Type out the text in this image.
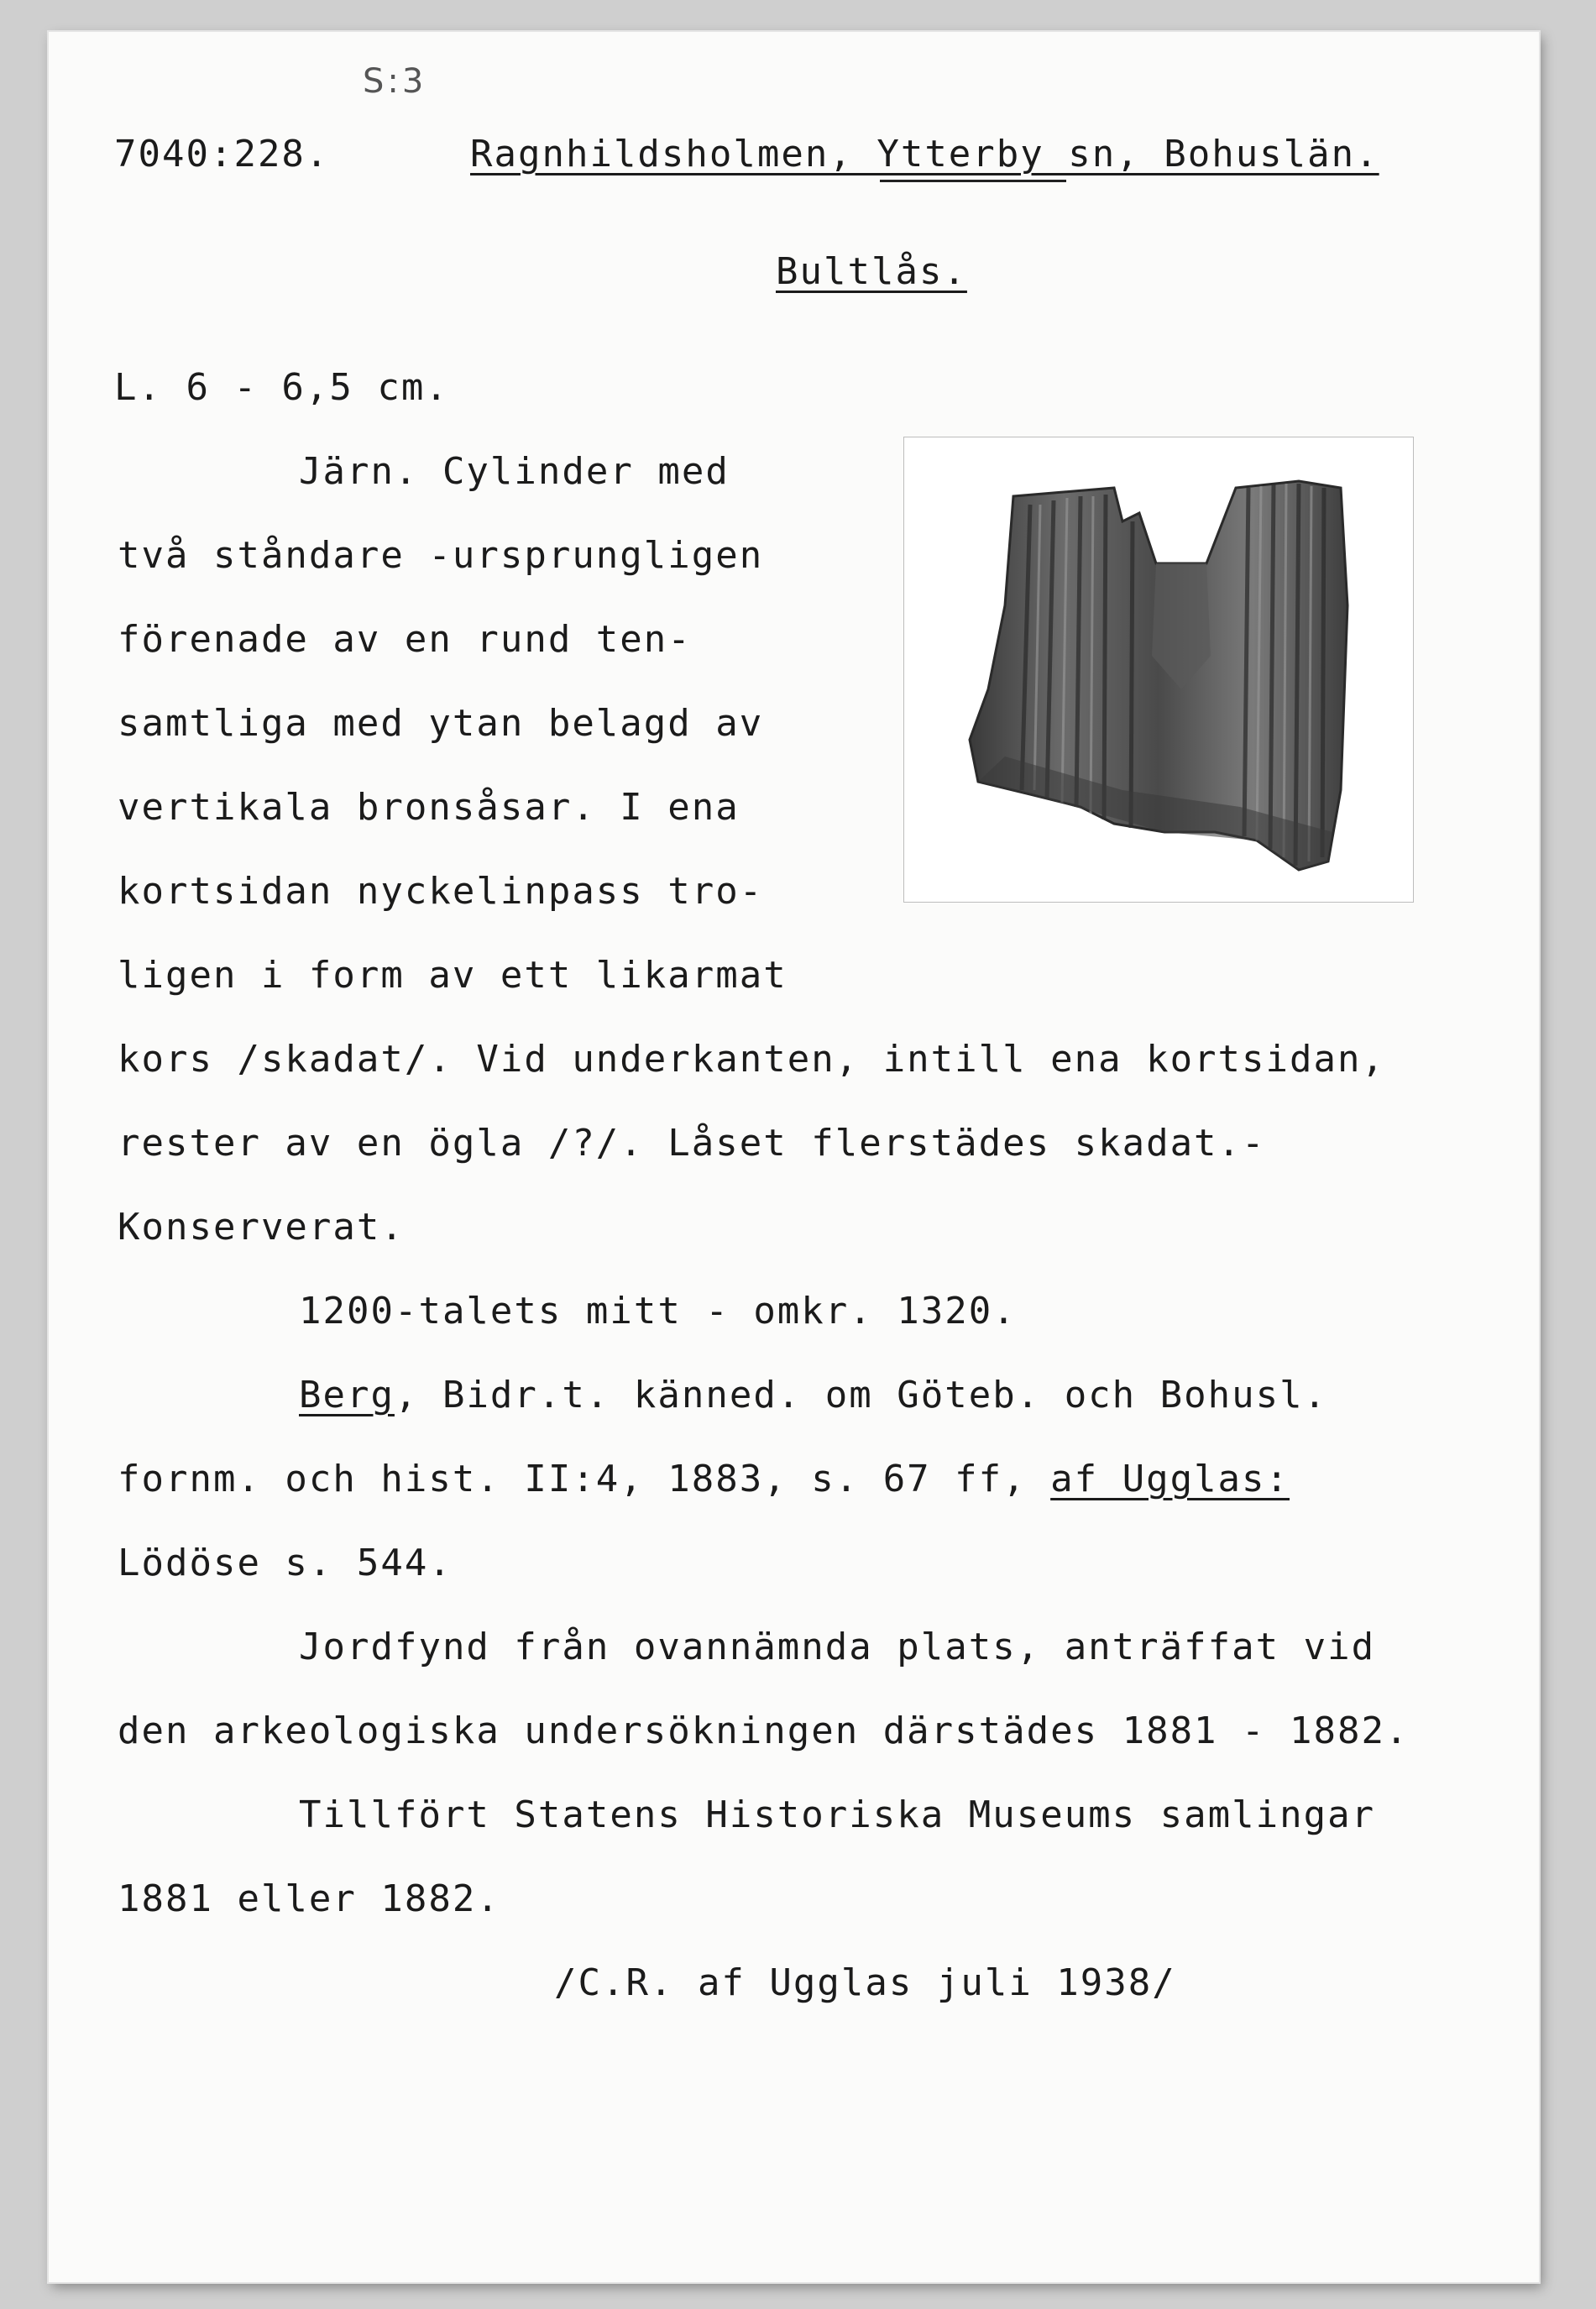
S:3
7040:228.	Ragnhildsholmen, Ytterby sn, Bohuslän.
Bultlås.
L. 6 - 6,5 cm.
Järn. Cylinder med
två ståndare -ursprungligen
förenade av en rund ten-
samtliga med ytan belagd av
vertikala bronsåsar. I ena
kortsidan nyckelinpass tro-
ligen i form av ett likarmat
kors /skadat/. Vid underkanten, intill ena kortsidan,
rester av en ögla /?/. Låset flerstädes skadat.-
Konserverat.
1200-talets mitt - omkr. 1320.
Berg, Bidr.t. känned. om Göteb. och Bohusl.
fornm. och hist. II:4, 1883, s. 67 ff, af Ugglas:
Lödöse s. 544.
Jordfynd från ovannämnda plats, anträffat vid
den arkeologiska undersökningen därstädes 1881 - 1882.
Tillfört Statens Historiska Museums samlingar
1881 eller 1882.
/C.R. af Ugglas juli 1938/
